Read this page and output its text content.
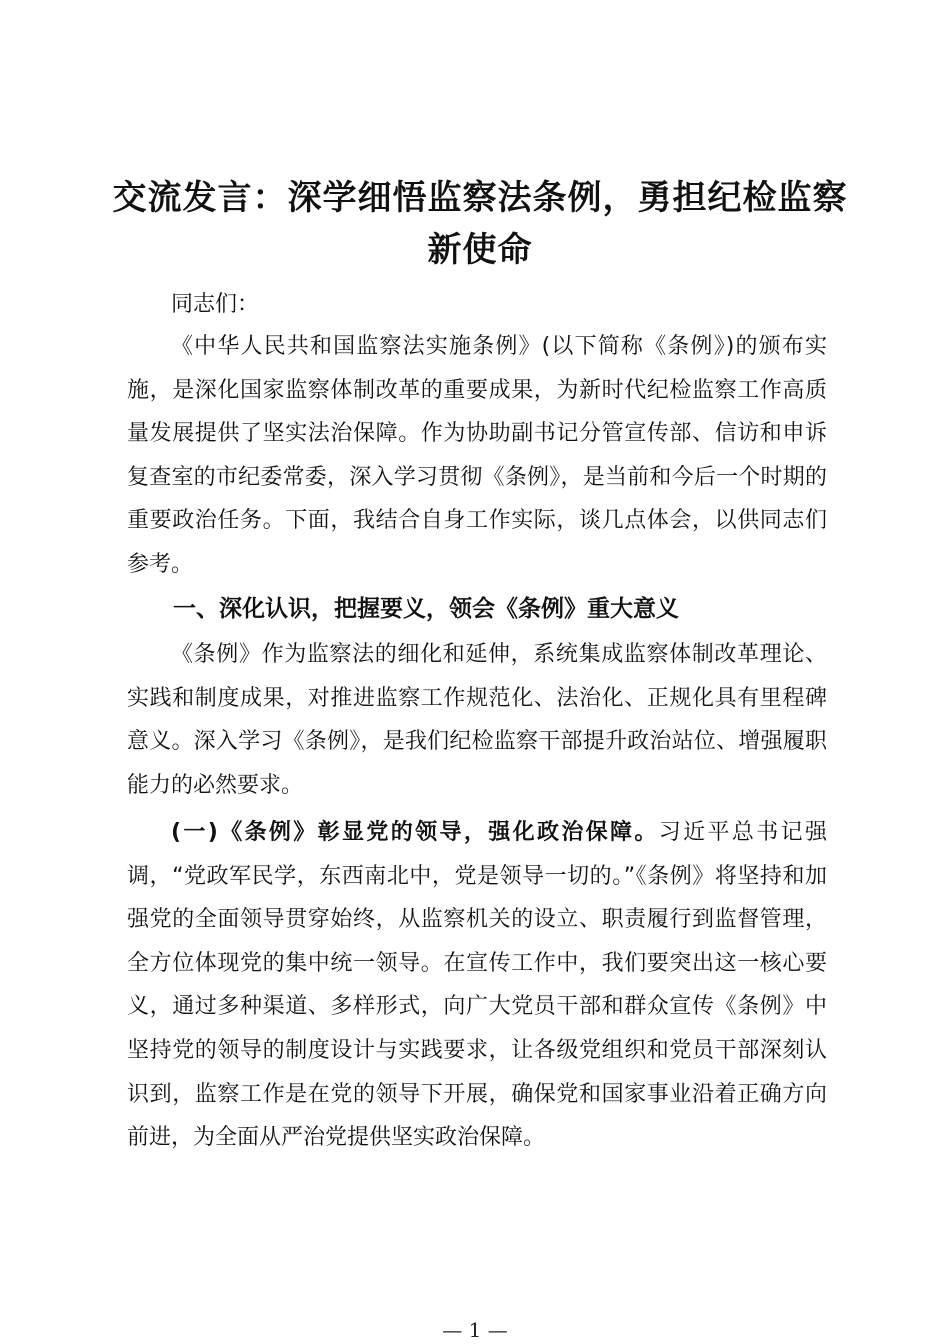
交流发言：深学细悟监察法条例，勇担纪检监察新使命

同志们：

《中华人民共和国监察法实施条例》(以下简称《条例》)的颁布实施，是深化国家监察体制改革的重要成果，为新时代纪检监察工作高质量发展提供了坚实法治保障。作为协助副书记分管宣传部、信访和申诉复查室的市纪委常委，深入学习贯彻《条例》，是当前和今后一个时期的重要政治任务。下面，我结合自身工作实际，谈几点体会，以供同志们参考。

一、深化认识，把握要义，领会《条例》重大意义

《条例》作为监察法的细化和延伸，系统集成监察体制改革理论、实践和制度成果，对推进监察工作规范化、法治化、正规化具有里程碑意义。深入学习《条例》，是我们纪检监察干部提升政治站位、增强履职能力的必然要求。

(一)《条例》彰显党的领导，强化政治保障。习近平总书记强调，“党政军民学，东西南北中，党是领导一切的。”《条例》将坚持和加强党的全面领导贯穿始终，从监察机关的设立、职责履行到监督管理，全方位体现党的集中统一领导。在宣传工作中，我们要突出这一核心要义，通过多种渠道、多样形式，向广大党员干部和群众宣传《条例》中坚持党的领导的制度设计与实践要求，让各级党组织和党员干部深刻认识到，监察工作是在党的领导下开展，确保党和国家事业沿着正确方向前进，为全面从严治党提供坚实政治保障。

— 1 —
